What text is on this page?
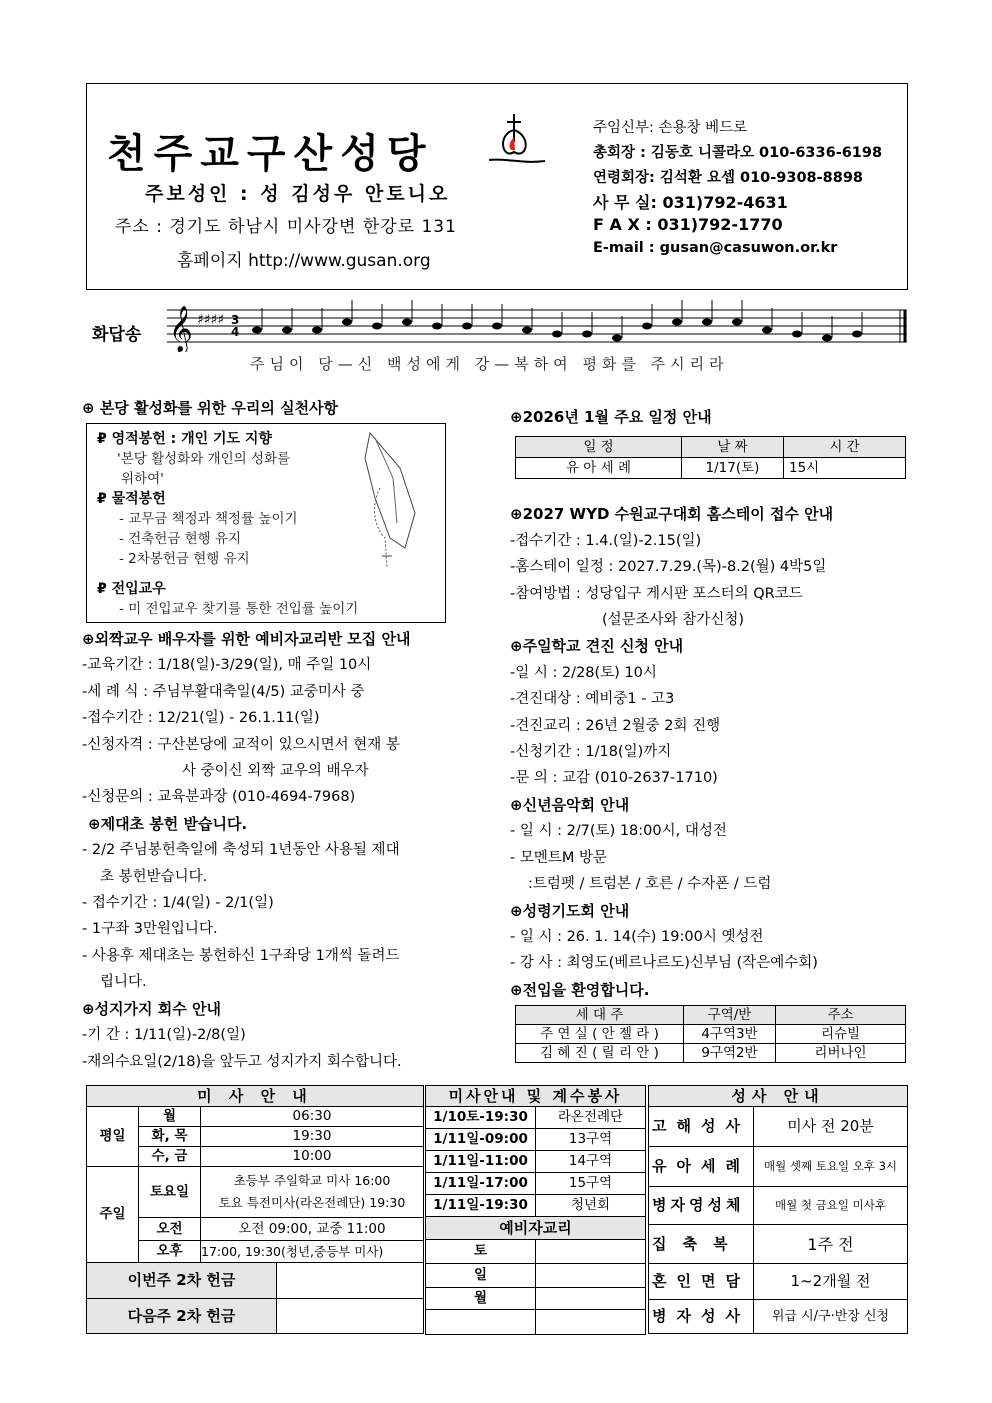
천주교구산성당
주보성인 : 성 김성우 안토니오
주소 : 경기도 하남시 미사강변 한강로 131
홈페이지 http://www.gusan.org
주임신부: 손용창 베드로
총회장 : 김동호 니콜라오 010-6336-6198
연령회장: 김석환 요셉 010-9308-8898
사 무 실: 031)792-4631
F A X : 031)792-1770
E-mail : gusan@casuwon.or.kr
화답송 𝄞 ♯♯♯♯ 3
4
주님이 당—신 백성에게 강—복하여 평화를 주시리라
⊕ 본당 활성화를 위한 우리의 실천사항
₽ 영적봉헌 : 개인 기도 지향
'본당 활성화와 개인의 성화를
위하여'
₽ 물적봉헌
- 교무금 책정과 책정률 높이기
- 건축헌금 현행 유지
- 2차봉헌금 현행 유지
₽ 전입교우
- 미 전입교우 찾기를 통한 전입률 높이기
⊕외짝교우 배우자를 위한 예비자교리반 모집 안내
-교육기간 : 1/18(일)-3/29(일), 매 주일 10시
-세 례 식 : 주님부활대축일(4/5) 교중미사 중
-접수기간 : 12/21(일) - 26.1.11(일)
-신청자격 : 구산본당에 교적이 있으시면서 현재 봉
사 중이신 외짝 교우의 배우자
-신청문의 : 교육분과장 (010-4694-7968)
⊕제대초 봉헌 받습니다.
- 2/2 주님봉헌축일에 축성되 1년동안 사용될 제대
초 봉헌받습니다.
- 접수기간 : 1/4(일) - 2/1(일)
- 1구좌 3만원입니다.
- 사용후 제대초는 봉헌하신 1구좌당 1개씩 돌려드
립니다.
⊕성지가지 회수 안내
-기 간 : 1/11(일)-2/8(일)
-재의수요일(2/18)을 앞두고 성지가지 회수합니다.
⊕2026년 1월 주요 일정 안내
일 정	날 짜	시 간
유 아 세 례	1/17(토)	15시
⊕2027 WYD 수원교구대회 홈스테이 접수 안내
-접수기간 : 1.4.(일)-2.15(일)
-홈스테이 일정 : 2027.7.29.(목)-8.2(월) 4박5일
-참여방법 : 성당입구 게시판 포스터의 QR코드
(설문조사와 참가신청)
⊕주일학교 견진 신청 안내
-일 시 : 2/28(토) 10시
-견진대상 : 예비중1 - 고3
-견진교리 : 26년 2월중 2회 진행
-신청기간 : 1/18(일)까지
-문 의 : 교감 (010-2637-1710)
⊕신년음악회 안내
- 일 시 : 2/7(토) 18:00시, 대성전
- 모멘트M 방문
:트럼펫 / 트럼본 / 호른 / 수자폰 / 드럼
⊕성령기도회 안내
- 일 시 : 26. 1. 14(수) 19:00시 옛성전
- 강 사 : 최영도(베르나르도)신부님 (작은예수회)
⊕전입을 환영합니다.
세 대 주	구역/반	주소
주 연 실 ( 안 젤 라 )	4구역3반	리슈빌
김 혜 진 ( 릴 리 안 )	9구역2반	리버나인
미 사 안 내			
평일	월	06:30	
	화, 목	19:30	
	수, 금	10:00	
주일	토요일	초등부 주일학교 미사 16:00
토요 특전미사(라온전례단) 19:30	

	오전	오전 09:00, 교중 11:00	
	오후	17:00, 19:30(청년,중등부 미사)	
이번주 2차 헌금			
다음주 2차 헌금			
미사안내 및 계수봉사	
1/10토-19:30	라온전례단
1/11일-09:00	13구역
1/11일-11:00	14구역
1/11일-17:00	15구역
1/11일-19:30	청년회
예비자교리	
토	
일	
월	

성사 안내	
고해성사	미사 전 20분
유아세례	매월 셋째 토요일 오후 3시
병자영성체	매월 첫 금요일 미사후
집축복	1주 전
혼인면담	1~2개월 전
병자성사	위급 시/구·반장 신청
